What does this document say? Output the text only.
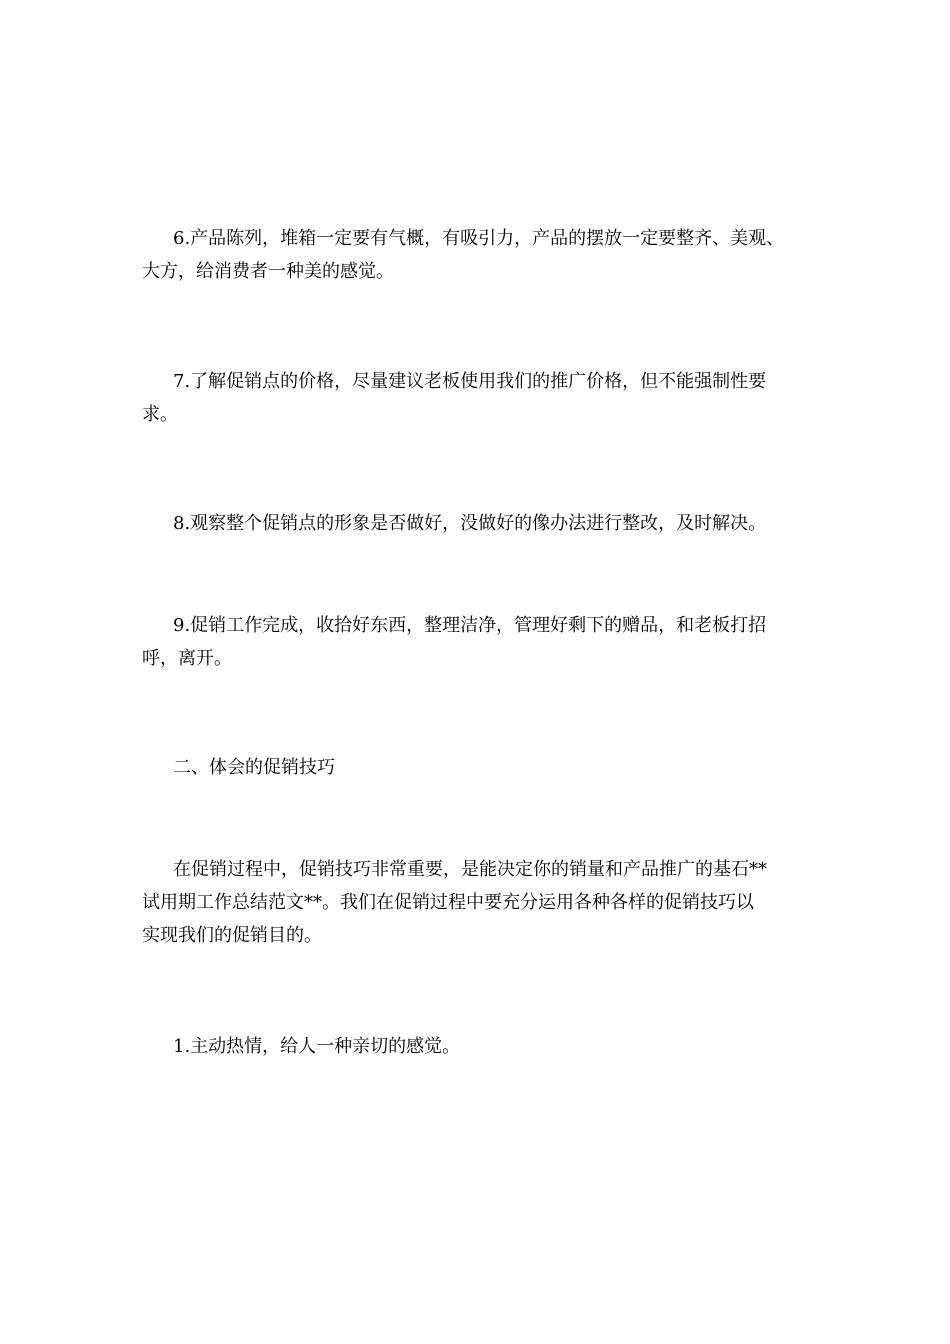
6.产品陈列，堆箱一定要有气概，有吸引力，产品的摆放一定要整齐、美观、
大方，给消费者一种美的感觉。

7.了解促销点的价格，尽量建议老板使用我们的推广价格，但不能强制性要
求。

8.观察整个促销点的形象是否做好，没做好的像办法进行整改，及时解决。

9.促销工作完成，收拾好东西，整理洁净，管理好剩下的赠品，和老板打招
呼，离开。

二、体会的促销技巧

在促销过程中，促销技巧非常重要，是能决定你的销量和产品推广的基石**
试用期工作总结范文**。我们在促销过程中要充分运用各种各样的促销技巧以
实现我们的促销目的。

1.主动热情，给人一种亲切的感觉。
